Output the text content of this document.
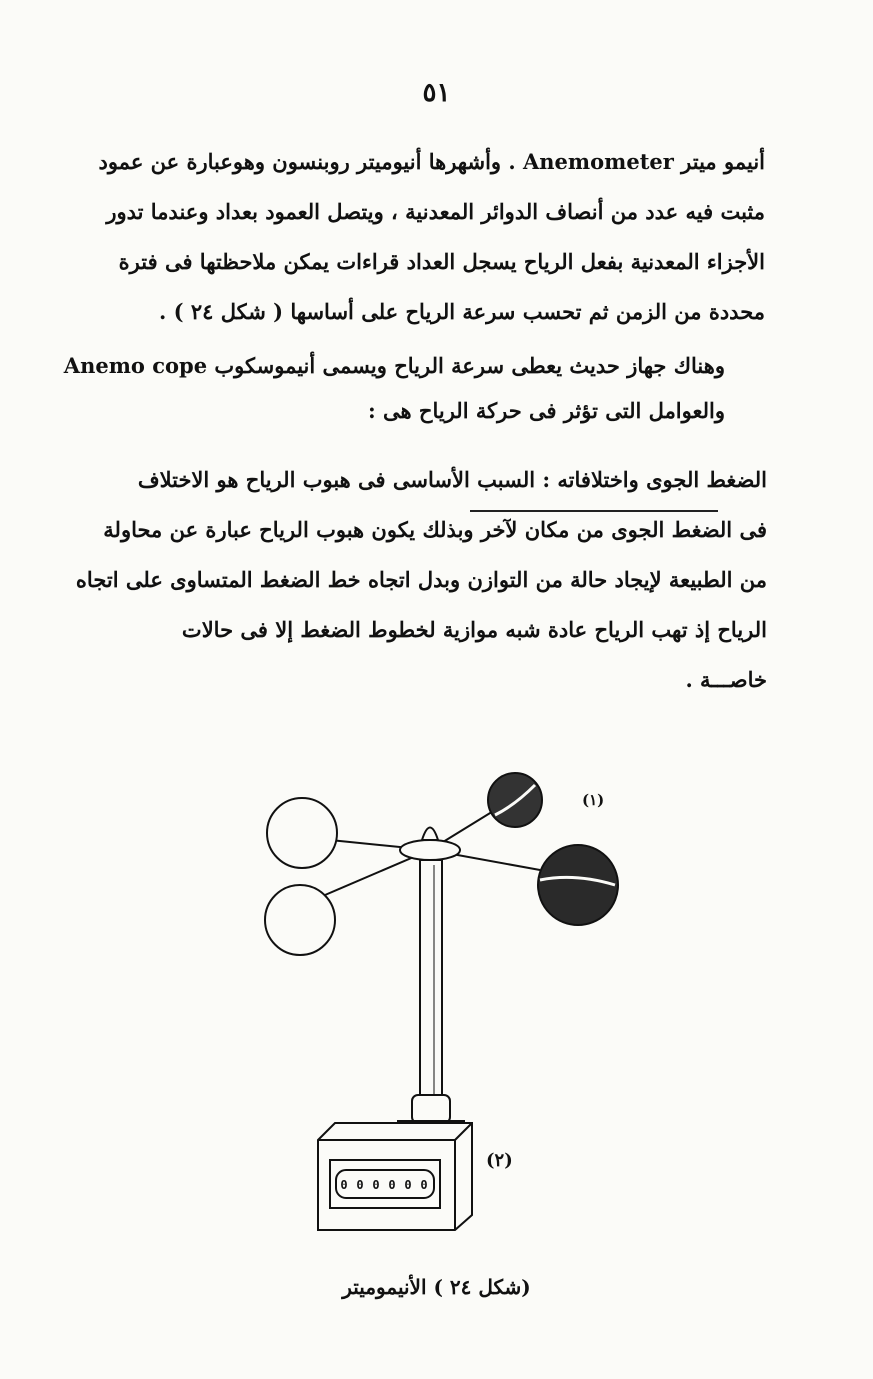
٥١
أنيمو ميتر Anemometer . وأشهرها أنيوميتر روبنسون وهوعبارة عن عمود
مثبت فيه عدد من أنصاف الدوائر المعدنية ، ويتصل العمود بعداد وعندما تدور
الأجزاء المعدنية بفعل الرياح يسجل العداد قراءات يمكن ملاحظتها فى فترة
محددة من الزمن ثم تحسب سرعة الرياح على أساسها ( شكل ٢٤ ) .
وهناك جهاز حديث يعطى سرعة الرياح ويسمى أنيموسكوب Anemo cope
والعوامل التى تؤثر فى حركة الرياح هى :
الضغط الجوى واختلافاته : السبب الأساسى فى هبوب الرياح هو الاختلاف
فى الضغط الجوى من مكان لآخر وبذلك يكون هبوب الرياح عبارة عن محاولة
من الطبيعة لإيجاد حالة من التوازن وبدل اتجاه خط الضغط المتساوى على اتجاه
الرياح إذ تهب الرياح عادة شبه موازية لخطوط الضغط إلا فى حالات
خاصـــة .
0 0 0 0 0 0
(١)
(٢)
(شكل ٢٤ ) الأنيموميتر
